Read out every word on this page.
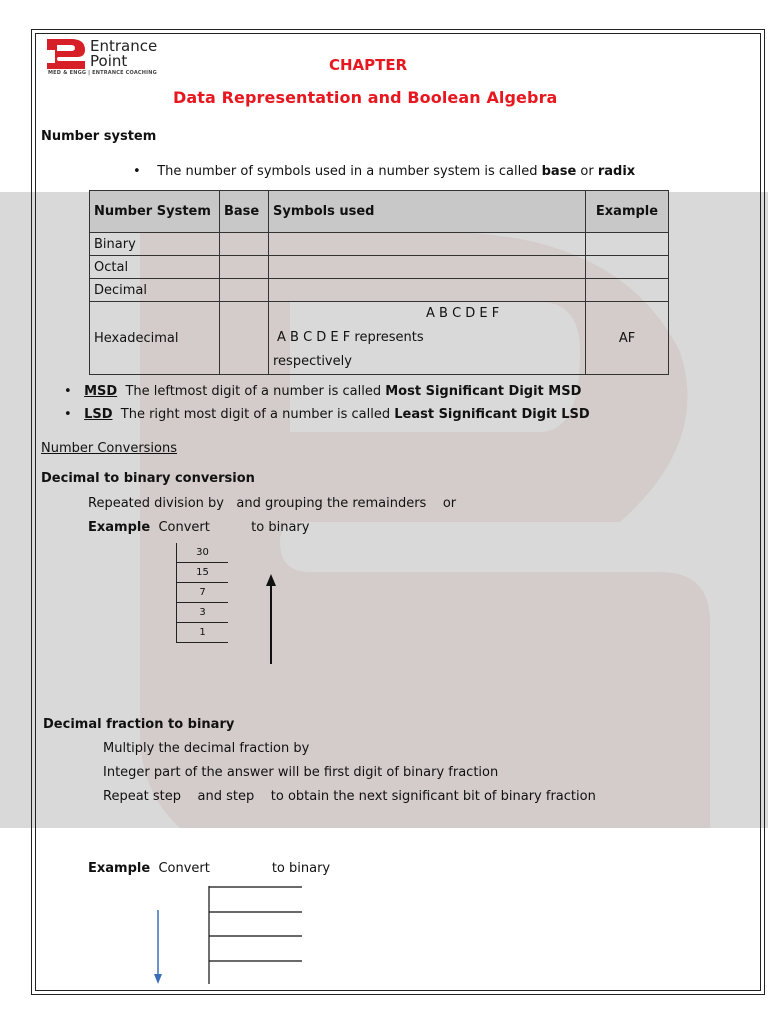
Entrance
Point
MED & ENGG | ENTRANCE COACHING	CHAPTER
Data Representation and Boolean Algebra
Number system
• The number of symbols used in a number system is called base or radix
Number System	Base	Symbols used	Example
Binary			
Octal			
Decimal			
Hexadecimal		A B C D E F
A B C D E F represents
respectively	AF
• MSD The leftmost digit of a number is called Most Significant Digit MSD
• LSD The right most digit of a number is called Least Significant Digit LSD
Number Conversions
Decimal to binary conversion
Repeated division by   and grouping the remainders    or
Example Convert          to binary
30
15
7
3
1
Decimal fraction to binary
Multiply the decimal fraction by
Integer part of the answer will be first digit of binary fraction
Repeat step    and step    to obtain the next significant bit of binary fraction
Example Convert               to binary
